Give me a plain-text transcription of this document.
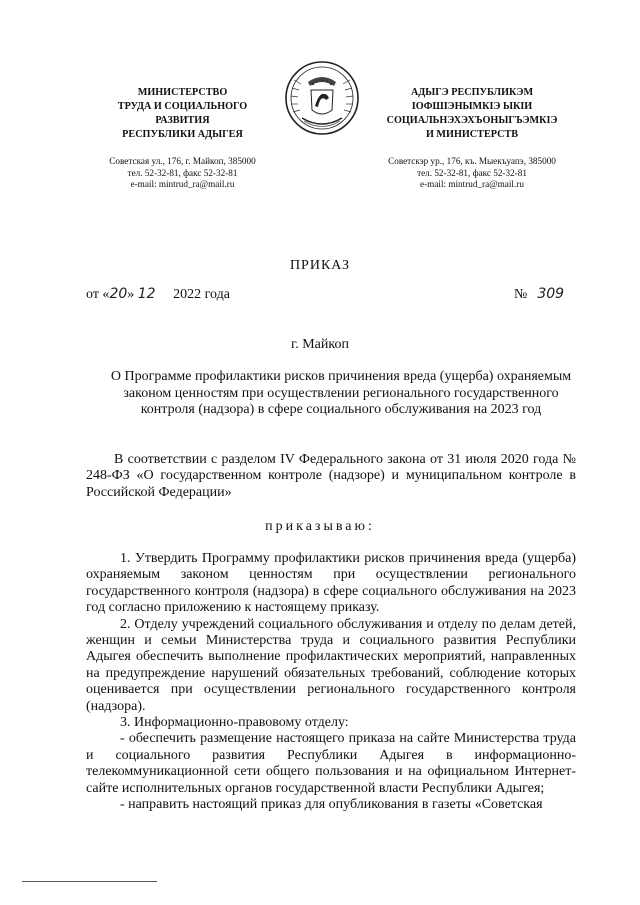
МИНИСТЕРСТВО
ТРУДА И СОЦИАЛЬНОГО
РАЗВИТИЯ
РЕСПУБЛИКИ АДЫГЕЯ
Советская ул., 176, г. Майкоп, 385000
тел. 52-32-81, факс 52-32-81
e-mail: mintrud_ra@mail.ru
АДЫГЭ РЕСПУБЛИКЭМ
ІОФШІЭНЫМКІЭ ЫКІИ
СОЦИАЛЬНЭХЭХЪОНЫГЪЭМКІЭ
И МИНИСТЕРСТВ
Советскэр ур., 176, къ. Мыекъуапэ, 385000
тел. 52-32-81, факс 52-32-81
e-mail: mintrud_ra@mail.ru
ПРИКАЗ
от «20» 12 2022 года	№ 309
г. Майкоп
О Программе профилактики рисков причинения вреда (ущерба) охраняемым законом ценностям при осуществлении регионального государственного контроля (надзора) в сфере социального обслуживания на 2023 год

В соответствии с разделом IV Федерального закона от 31 июля 2020 года № 248-ФЗ «О государственном контроле (надзоре) и муниципальном контроле в Российской Федерации»

приказываю:

1. Утвердить Программу профилактики рисков причинения вреда (ущерба) охраняемым законом ценностям при осуществлении регионального государственного контроля (надзора) в сфере социального обслуживания на 2023 год согласно приложению к настоящему приказу.

2. Отделу учреждений социального обслуживания и отделу по делам детей, женщин и семьи Министерства труда и социального развития Республики Адыгея обеспечить выполнение профилактических мероприятий, направленных на предупреждение нарушений обязательных требований, соблюдение которых оценивается при осуществлении регионального государственного контроля (надзора).

3. Информационно-правовому отделу:

- обеспечить размещение настоящего приказа на сайте Министерства труда и социального развития Республики Адыгея в информационно-телекоммуникационной сети общего пользования и на официальном Интернет-сайте исполнительных органов государственной власти Республики Адыгея;

- направить настоящий приказ для опубликования в газеты «Советская
